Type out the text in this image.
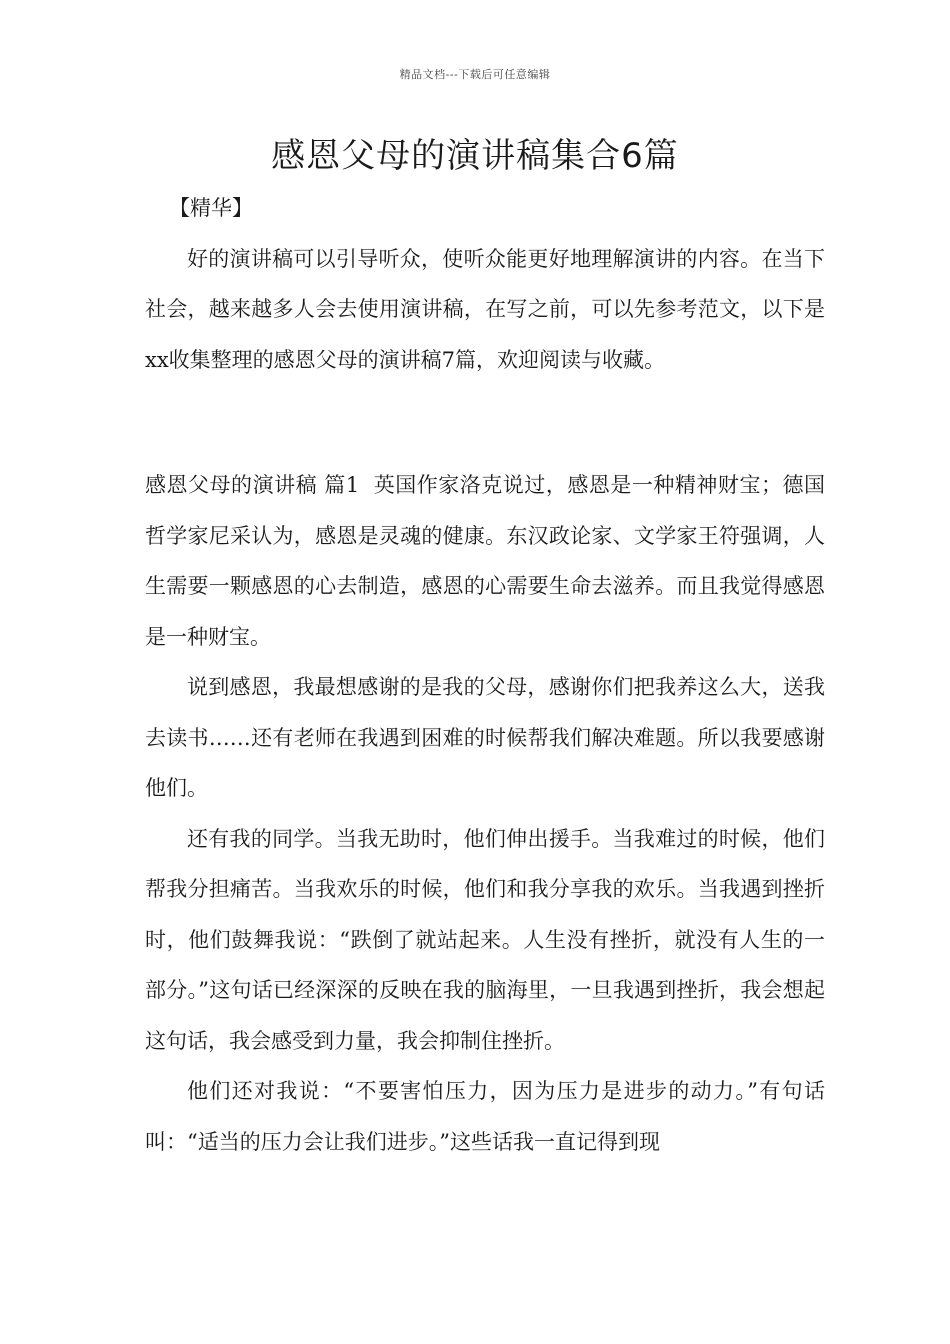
精品文档---下载后可任意编辑
感恩父母的演讲稿集合6篇

【精华】

好的演讲稿可以引导听众，使听众能更好地理解演讲的内容。在当下社会，越来越多人会去使用演讲稿，在写之前，可以先参考范文，以下是xx收集整理的感恩父母的演讲稿7篇，欢迎阅读与收藏。

感恩父母的演讲稿 篇1 英国作家洛克说过，感恩是一种精神财宝；德国哲学家尼采认为，感恩是灵魂的健康。东汉政论家、文学家王符强调，人生需要一颗感恩的心去制造，感恩的心需要生命去滋养。而且我觉得感恩是一种财宝。

说到感恩，我最想感谢的是我的父母，感谢你们把我养这么大，送我去读书……还有老师在我遇到困难的时候帮我们解决难题。所以我要感谢他们。

还有我的同学。当我无助时，他们伸出援手。当我难过的时候，他们帮我分担痛苦。当我欢乐的时候，他们和我分享我的欢乐。当我遇到挫折时，他们鼓舞我说：“跌倒了就站起来。人生没有挫折，就没有人生的一部分。”这句话已经深深的反映在我的脑海里，一旦我遇到挫折，我会想起这句话，我会感受到力量，我会抑制住挫折。

他们还对我说：“不要害怕压力，因为压力是进步的动力。”有句话叫：“适当的压力会让我们进步。”这些话我一直记得到现
